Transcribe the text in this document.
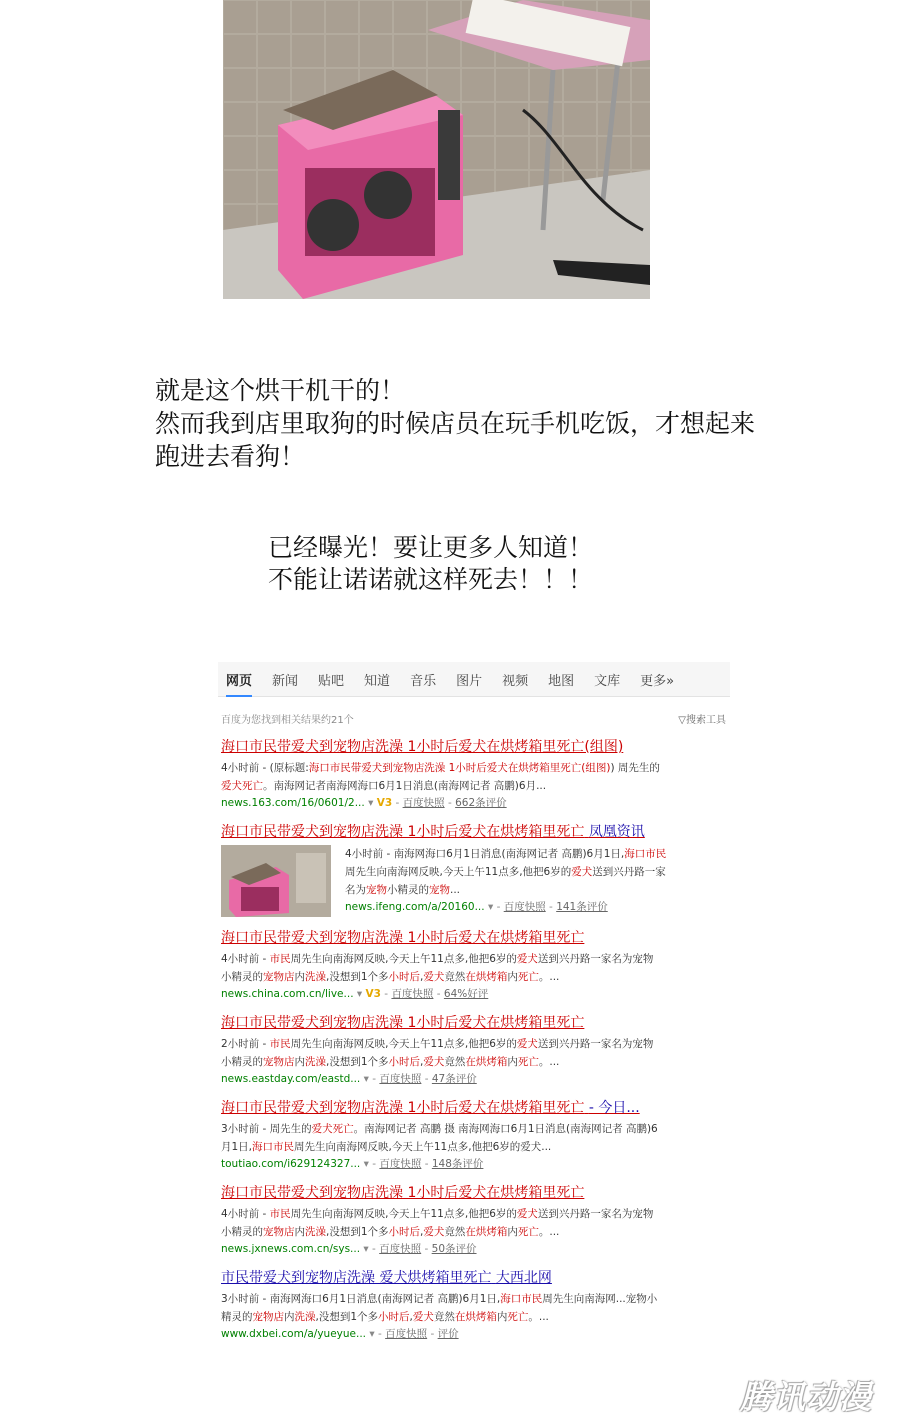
就是这个烘干机干的！
然而我到店里取狗的时候店员在玩手机吃饭，才想起来
跑进去看狗！
已经曝光！要让更多人知道！
不能让诺诺就这样死去！！！
网页 新闻 贴吧 知道 音乐 图片 视频 地图 文库 更多»
百度为您找到相关结果约21个	▽搜索工具
海口市民带爱犬到宠物店洗澡 1小时后爱犬在烘烤箱里死亡(组图)
4小时前 - (原标题:海口市民带爱犬到宠物店洗澡 1小时后爱犬在烘烤箱里死亡(组图)) 周先生的
爱犬死亡。南海网记者南海网海口6月1日消息(南海网记者 高鹏)6月...
news.163.com/16/0601/2... ▾ V3 - 百度快照 - 662条评价
海口市民带爱犬到宠物店洗澡 1小时后爱犬在烘烤箱里死亡 凤凰资讯
4小时前 - 南海网海口6月1日消息(南海网记者 高鹏)6月1日,海口市民
周先生向南海网反映,今天上午11点多,他把6岁的爱犬送到兴丹路一家
名为宠物小精灵的宠物...
news.ifeng.com/a/20160... ▾ - 百度快照 - 141条评价
海口市民带爱犬到宠物店洗澡 1小时后爱犬在烘烤箱里死亡
4小时前 - 市民周先生向南海网反映,今天上午11点多,他把6岁的爱犬送到兴丹路一家名为宠物
小精灵的宠物店内洗澡,没想到1个多小时后,爱犬竟然在烘烤箱内死亡。...
news.china.com.cn/live... ▾ V3 - 百度快照 - 64%好评
海口市民带爱犬到宠物店洗澡 1小时后爱犬在烘烤箱里死亡
2小时前 - 市民周先生向南海网反映,今天上午11点多,他把6岁的爱犬送到兴丹路一家名为宠物
小精灵的宠物店内洗澡,没想到1个多小时后,爱犬竟然在烘烤箱内死亡。...
news.eastday.com/eastd... ▾ - 百度快照 - 47条评价
海口市民带爱犬到宠物店洗澡 1小时后爱犬在烘烤箱里死亡 - 今日...
3小时前 - 周先生的爱犬死亡。南海网记者 高鹏 摄 南海网海口6月1日消息(南海网记者 高鹏)6
月1日,海口市民周先生向南海网反映,今天上午11点多,他把6岁的爱犬...
toutiao.com/i629124327... ▾ - 百度快照 - 148条评价
海口市民带爱犬到宠物店洗澡 1小时后爱犬在烘烤箱里死亡
4小时前 - 市民周先生向南海网反映,今天上午11点多,他把6岁的爱犬送到兴丹路一家名为宠物
小精灵的宠物店内洗澡,没想到1个多小时后,爱犬竟然在烘烤箱内死亡。...
news.jxnews.com.cn/sys... ▾ - 百度快照 - 50条评价
市民带爱犬到宠物店洗澡 爱犬烘烤箱里死亡 大西北网
3小时前 - 南海网海口6月1日消息(南海网记者 高鹏)6月1日,海口市民周先生向南海网...宠物小
精灵的宠物店内洗澡,没想到1个多小时后,爱犬竟然在烘烤箱内死亡。...
www.dxbei.com/a/yueyue... ▾ - 百度快照 - 评价
腾讯动漫
